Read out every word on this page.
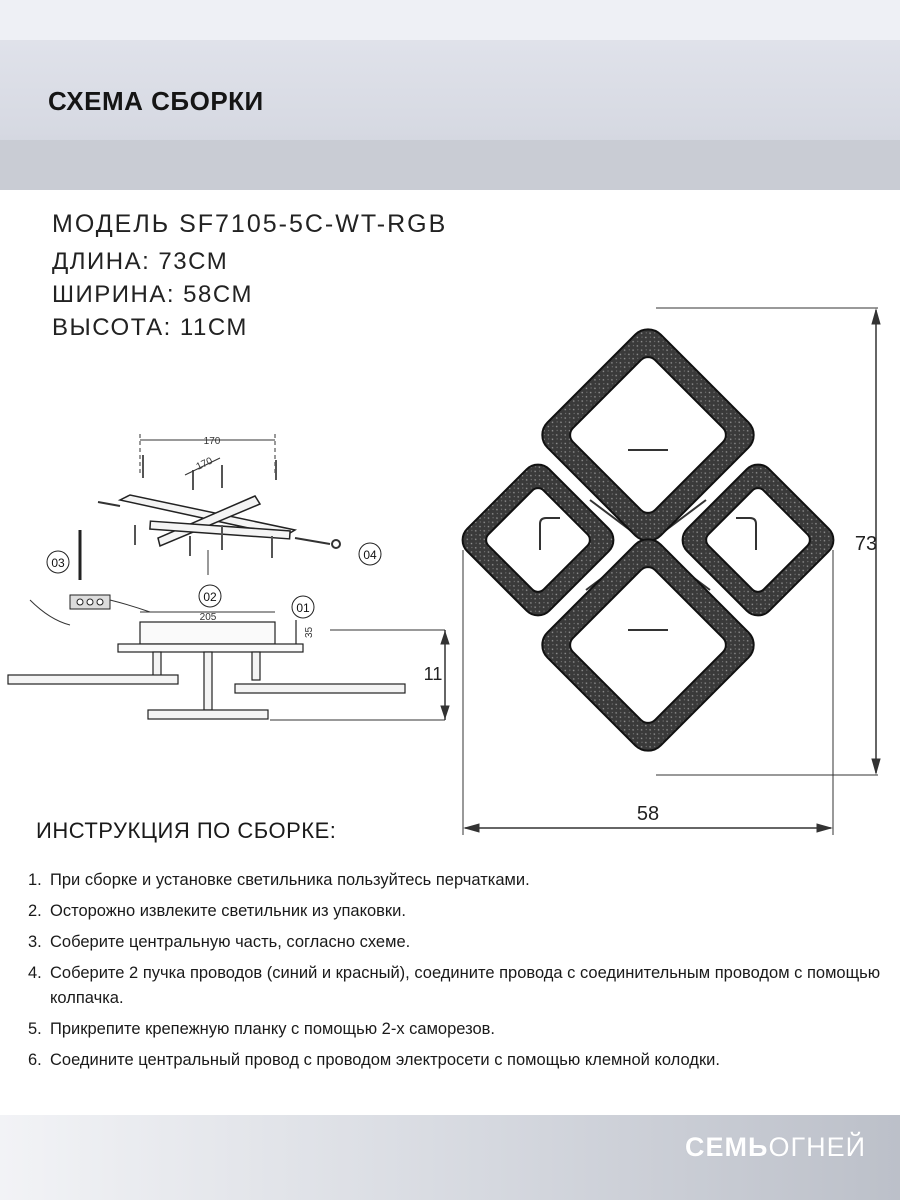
СХЕМА СБОРКИ
МОДЕЛЬ SF7105-5C-WT-RGB
ДЛИНА: 73СМ
ШИРИНА: 58СМ
ВЫСОТА: 11СМ
03
02
01
04
170
170
205
35
11
73
58
ИНСТРУКЦИЯ ПО СБОРКЕ:
1. При сборке и установке светильника пользуйтесь перчатками.
2. Осторожно извлеките светильник из упаковки.
3. Соберите центральную часть, согласно схеме.
4. Соберите 2 пучка проводов (синий и красный), соедините провода с соединительным проводом с помощью колпачка.
5. Прикрепите крепежную планку с помощью 2-х саморезов.
6. Соедините центральный провод с проводом электросети с помощью клемной колодки.
СЕМЬОГНЕЙ
